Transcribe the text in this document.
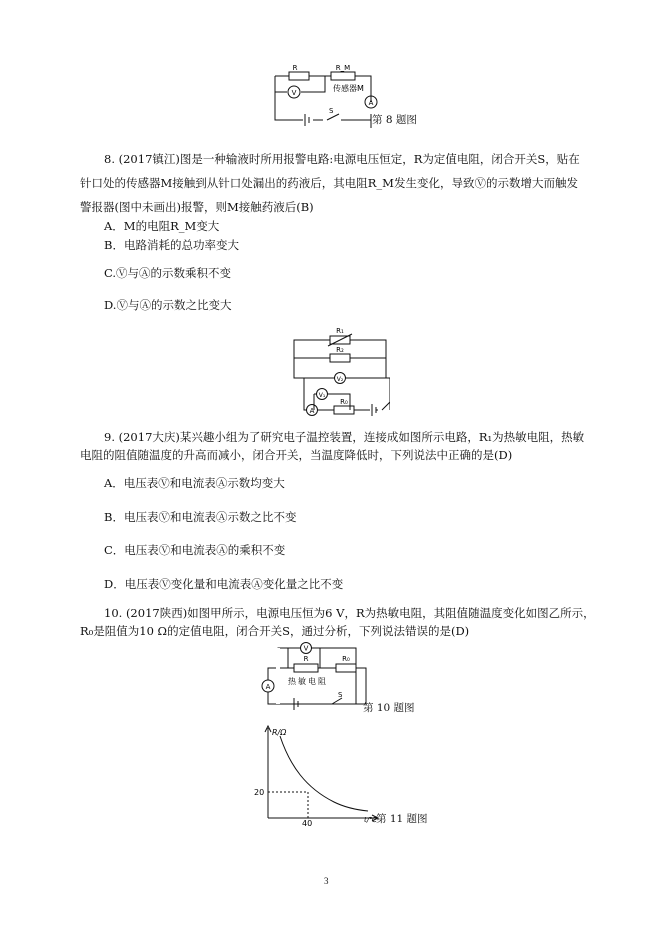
R	R_M
传感器M
S
V
A
第 8 题图
8. (2017镇江)图是一种输液时所用报警电路:电源电压恒定，R为定值电阻，闭合开关S，贴在
针口处的传感器M接触到从针口处漏出的药液后，其电阻R_M发生变化，导致Ⓥ的示数增大而触发
警报器(图中未画出)报警，则M接触药液后(B)
A．M的电阻R_M变大
B．电路消耗的总功率变大
C.Ⓥ与Ⓐ的示数乘积不变
D.Ⓥ与Ⓐ的示数之比变大
R₁
R₂
R₀
V₂
V₁
A
9. (2017大庆)某兴趣小组为了研究电子温控装置，连接成如图所示电路，R₁为热敏电阻，热敏
电阻的阻值随温度的升高而减小，闭合开关，当温度降低时，下列说法中正确的是(D)
A．电压表Ⓥ和电流表Ⓐ示数均变大
B．电压表Ⓥ和电流表Ⓐ示数之比不变
C．电压表Ⓥ和电流表Ⓐ的乘积不变
D．电压表Ⓥ变化量和电流表Ⓐ变化量之比不变
10. (2017陕西)如图甲所示，电源电压恒为6 V，R为热敏电阻，其阻值随温度变化如图乙所示，
R₀是阻值为10 Ω的定值电阻，闭合开关S，通过分析，下列说法错误的是(D)
V
A
R	R₀
热敏电阻
S
第 10 题图
R/Ω
t/℃
20
40	第 11 题图
3
